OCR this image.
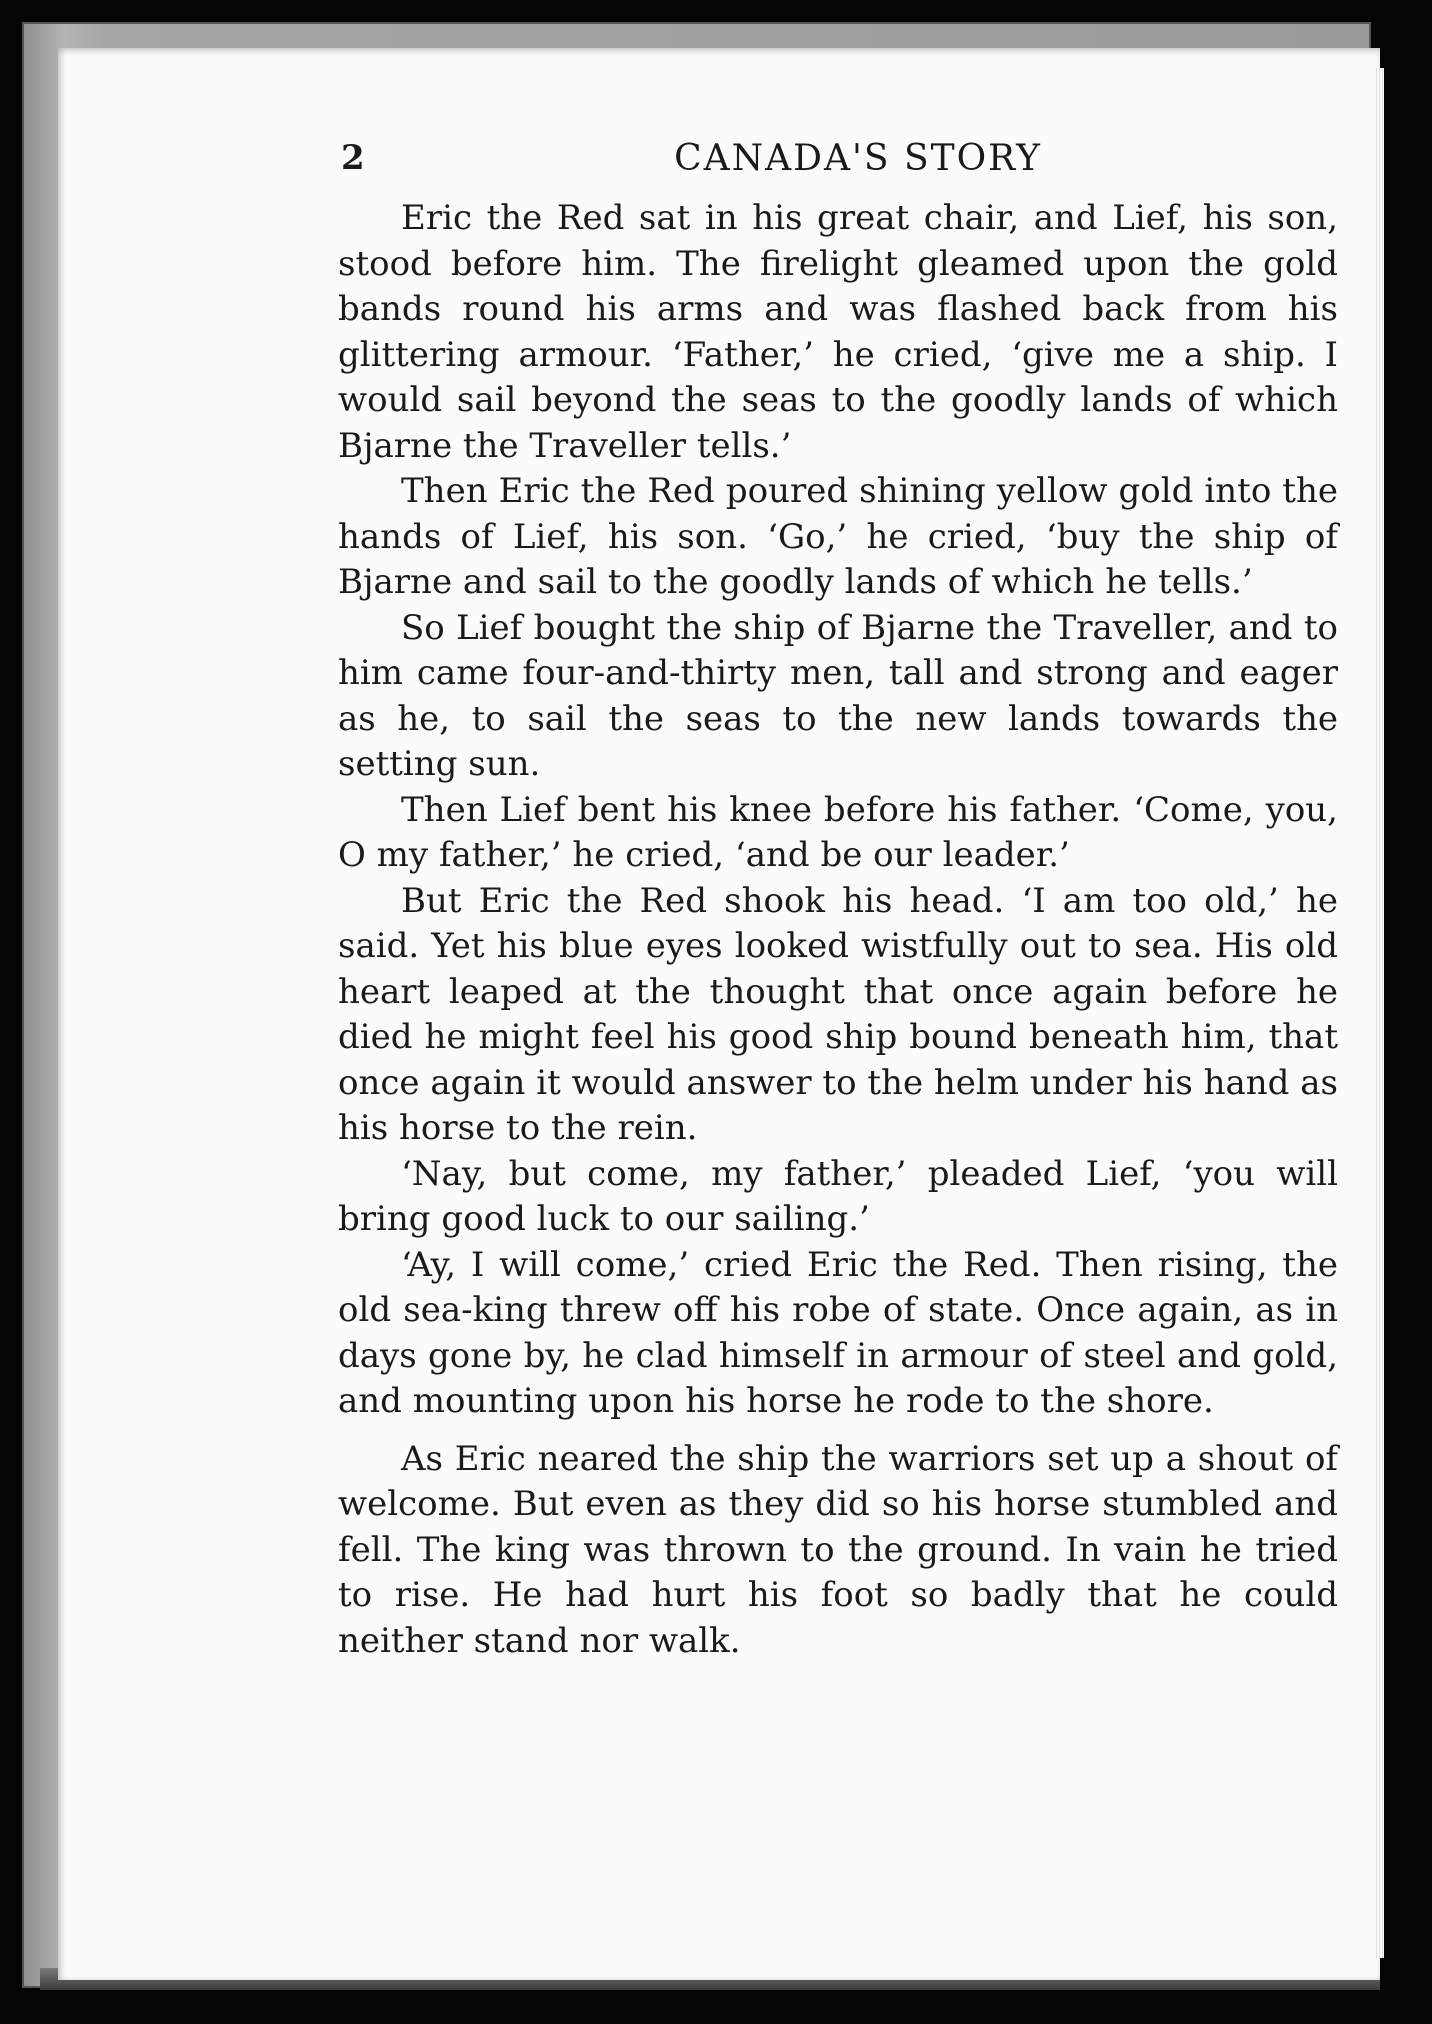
2	CANADA'S STORY

Eric the Red sat in his great chair, and Lief, his son, stood before him. The firelight gleamed upon the gold bands round his arms and was flashed back from his glittering armour. ‘Father,’ he cried, ‘give me a ship. I would sail beyond the seas to the goodly lands of which Bjarne the Traveller tells.’

Then Eric the Red poured shining yellow gold into the hands of Lief, his son. ‘Go,’ he cried, ‘buy the ship of Bjarne and sail to the goodly lands of which he tells.’

So Lief bought the ship of Bjarne the Traveller, and to him came four-and-thirty men, tall and strong and eager as he, to sail the seas to the new lands towards the setting sun.

Then Lief bent his knee before his father. ‘Come, you, O my father,’ he cried, ‘and be our leader.’

But Eric the Red shook his head. ‘I am too old,’ he said. Yet his blue eyes looked wistfully out to sea. His old heart leaped at the thought that once again before he died he might feel his good ship bound beneath him, that once again it would answer to the helm under his hand as his horse to the rein.

‘Nay, but come, my father,’ pleaded Lief, ‘you will bring good luck to our sailing.’

‘Ay, I will come,’ cried Eric the Red. Then rising, the old sea-king threw off his robe of state. Once again, as in days gone by, he clad himself in armour of steel and gold, and mounting upon his horse he rode to the shore.

As Eric neared the ship the warriors set up a shout of welcome. But even as they did so his horse stumbled and fell. The king was thrown to the ground. In vain he tried to rise. He had hurt his foot so badly that he could neither stand nor walk.
